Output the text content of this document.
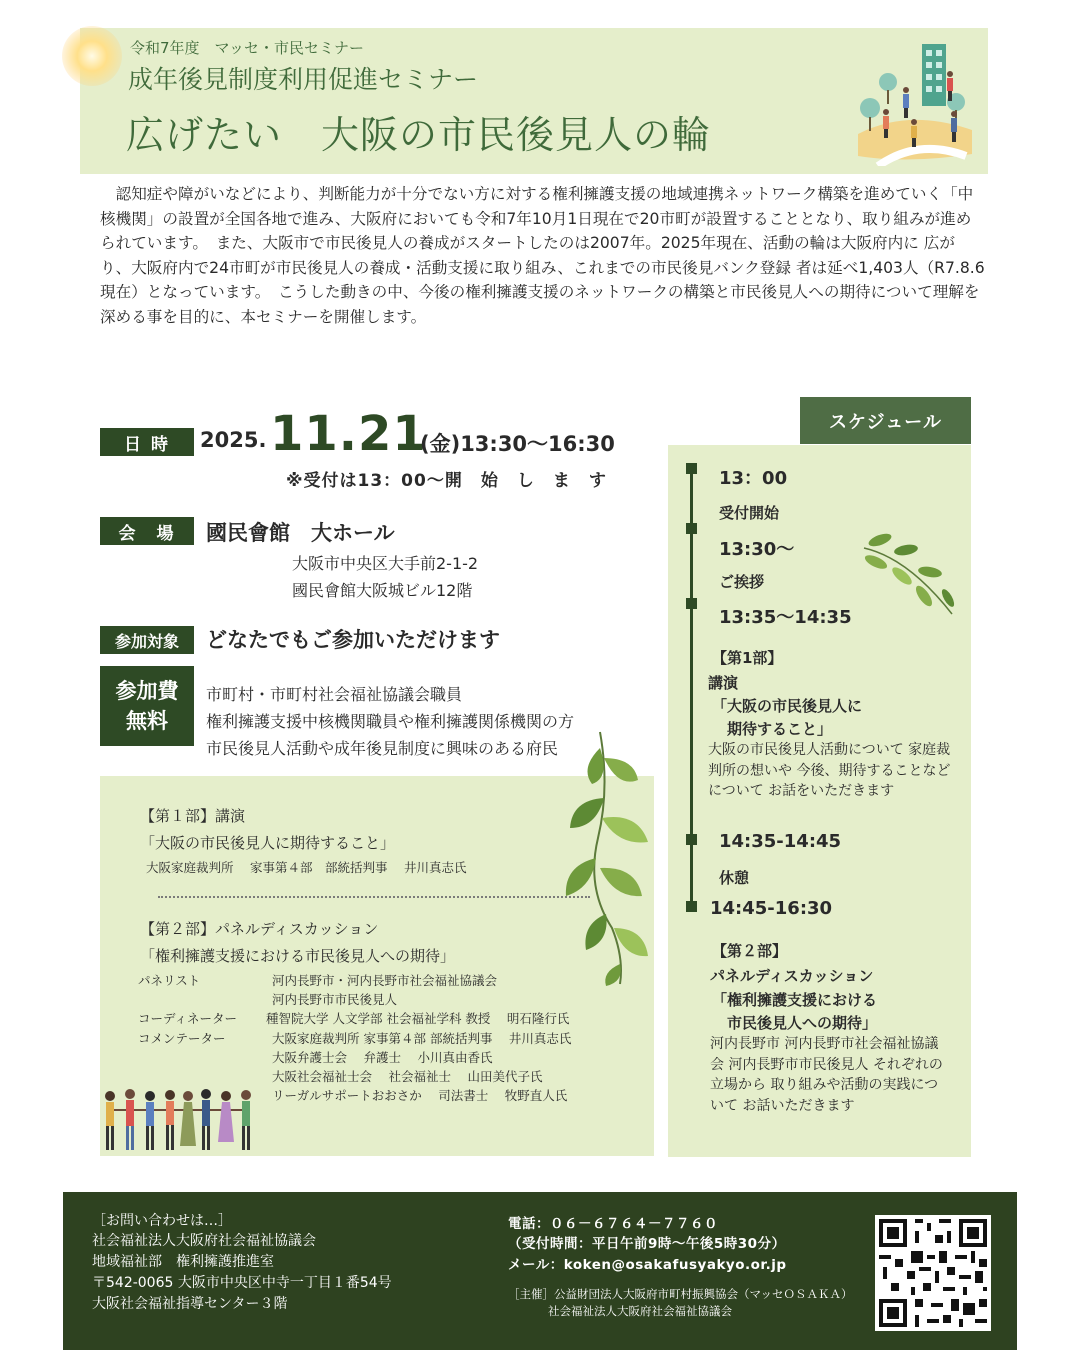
令和7年度　マッセ・市民セミナー
成年後見制度利用促進セミナー
広げたい　大阪の市民後見人の輪

　認知症や障がいなどにより、判断能力が十分でない方に対する権利擁護支援の地域連携ネットワーク構築を進めていく「中核機関」の設置が全国各地で進み、大阪府においても令和7年10月1日現在で20市町が設置することとなり、取り組みが進められています。　また、大阪市で市民後見人の養成がスタートしたのは2007年。2025年現在、活動の輪は大阪府内に 広がり、大阪府内で24市町が市民後見人の養成・活動支援に取り組み、これまでの市民後見バンク登録 者は延べ1,403人（R7.8.6現在）となっています。　こうした動きの中、今後の権利擁護支援のネットワークの構築と市民後見人への期待について理解を 深める事を目的に、本セミナーを開催します。

日 時	2025. 11.21
(金)13:30〜16:30
※受付は13：00〜開　始　し　ま　す
会　場	國民會館　大ホール
大阪市中央区大手前2-1-2
國民會館大阪城ビル12階
参加対象	どなたでもご参加いただけます
参加費
無料
市町村・市町村社会福祉協議会職員
権利擁護支援中核機関職員や権利擁護関係機関の方
市民後見人活動や成年後見制度に興味のある府民
【第１部】講演
「大阪の市民後見人に期待すること」
大阪家庭裁判所　 家事第４部　部統括判事　 井川真志氏
【第２部】パネルディスカッション
「権利擁護支援における市民後見人への期待」
パネリスト	河内長野市・河内長野市社会福祉協議会
河内長野市市民後見人
コーディネーター 種智院大学 人文学部 社会福祉学科 教授　 明石隆行氏
コメンテーター	大阪家庭裁判所 家事第４部 部統括判事　 井川真志氏
大阪弁護士会　 弁護士　 小川真由香氏
大阪社会福祉士会　 社会福祉士　 山田美代子氏
リーガルサポートおおさか　 司法書士　 牧野直人氏
スケジュール
13：00
受付開始
13:30〜
ご挨拶
13:35〜14:35
【第1部】
講演
「大阪の市民後見人に
　期待すること」
大阪の市民後見人活動について 家庭裁判所の想いや 今後、期待することなどについて お話をいただきます
14:35-14:45
休憩
14:45-16:30
【第２部】
パネルディスカッション
「権利擁護支援における
　市民後見人への期待」
河内長野市 河内長野市社会福祉協議会 河内長野市市民後見人 それぞれの立場から 取り組みや活動の実践について お話いただきます
［お問い合わせは…］
社会福祉法人大阪府社会福祉協議会
地域福祉部　権利擁護推進室
〒542-0065 大阪市中央区中寺一丁目１番54号
大阪社会福祉指導センター３階
電話：０６－６７６４－７７６０
（受付時間：平日午前9時〜午後5時30分）
メール：koken@osakafusyakyo.or.jp
［主催］公益財団法人大阪府市町村振興協会（マッセＯＳＡＫＡ）
社会福祉法人大阪府社会福祉協議会
